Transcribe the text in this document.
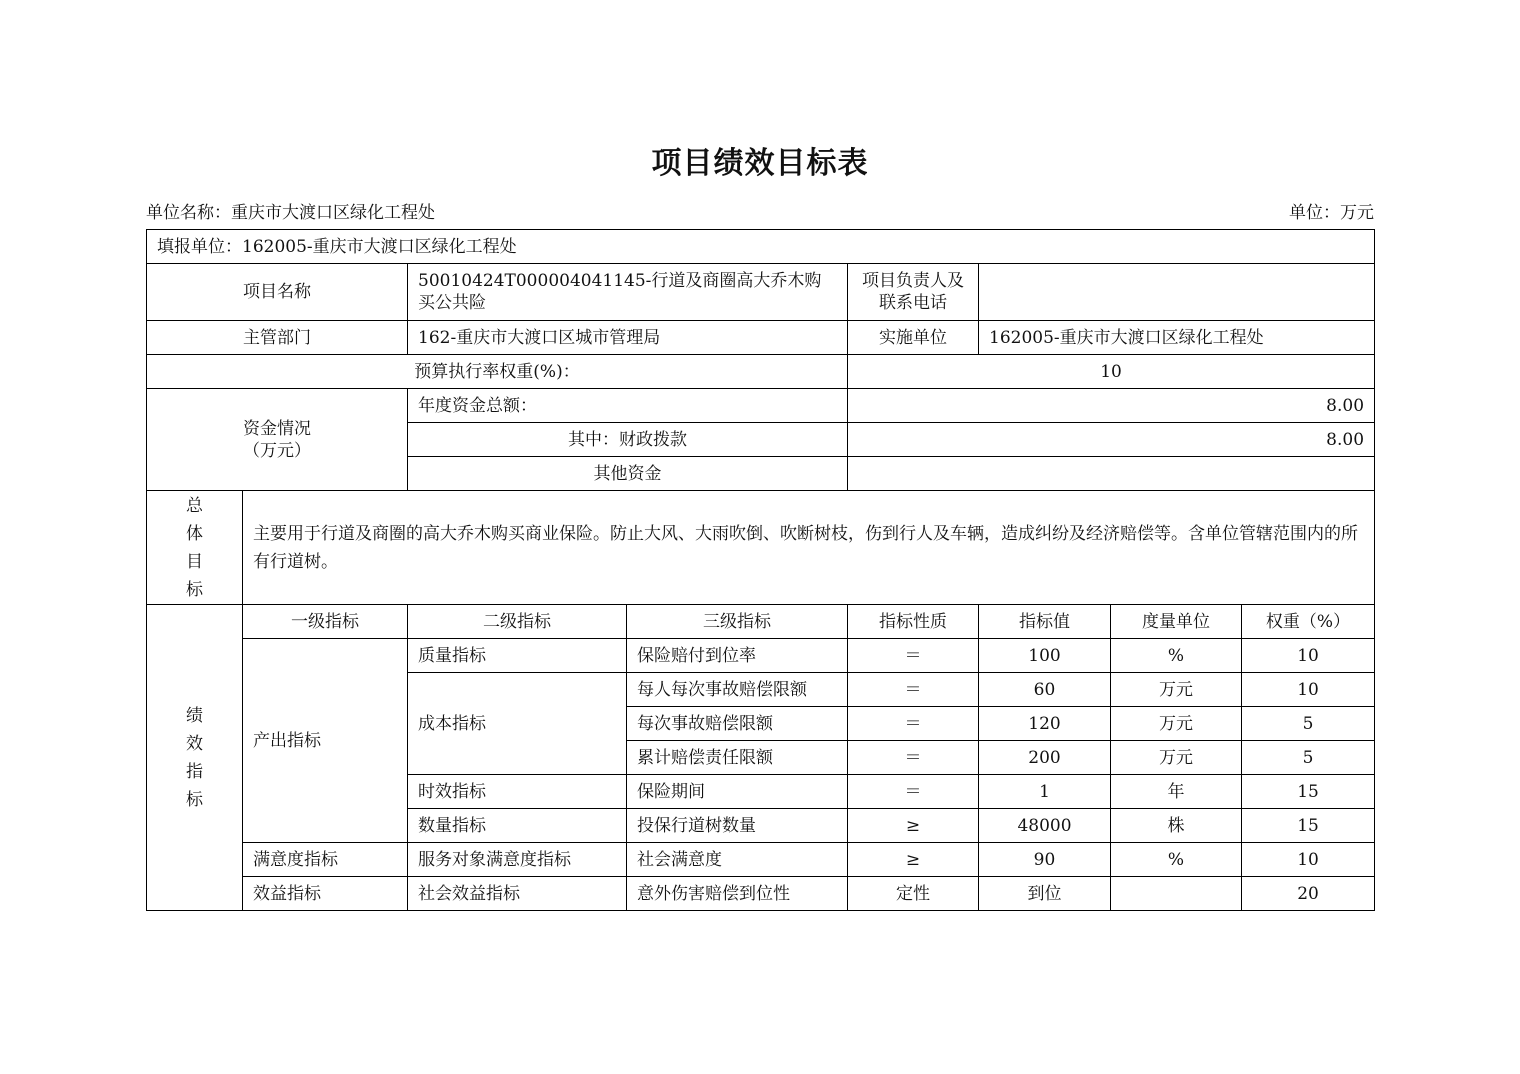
项目绩效目标表
单位名称：重庆市大渡口区绿化工程处	单位：万元
填报单位：162005-重庆市大渡口区绿化工程处							
项目名称		50010424T000004041145-行道及商圈高大乔木购买公共险		项目负责人及联系电话			
主管部门		162-重庆市大渡口区城市管理局		实施单位	162005-重庆市大渡口区绿化工程处		
预算执行率权重(%)：				10			

资金情况
（万元）		年度资金总额：		8.00			
		其中：财政拨款		8.00			
		其他资金					

总
体
目
标	主要用于行道及商圈的高大乔木购买商业保险。防止大风、大雨吹倒、吹断树枝，伤到行人及车辆，造成纠纷及经济赔偿等。含单位管辖范围内的所有行道树。						

绩
效
指
标	一级指标	二级指标	三级指标	指标性质	指标值	度量单位	权重（%）
	产出指标	质量指标	保险赔付到位率	＝	100	%	10
		成本指标	每人每次事故赔偿限额	＝	60	万元	10
			每次事故赔偿限额	＝	120	万元	5
			累计赔偿责任限额	＝	200	万元	5
		时效指标	保险期间	＝	1	年	15
		数量指标	投保行道树数量	≥	48000	株	15
	满意度指标	服务对象满意度指标	社会满意度	≥	90	%	10
	效益指标	社会效益指标	意外伤害赔偿到位性	定性	到位		20
